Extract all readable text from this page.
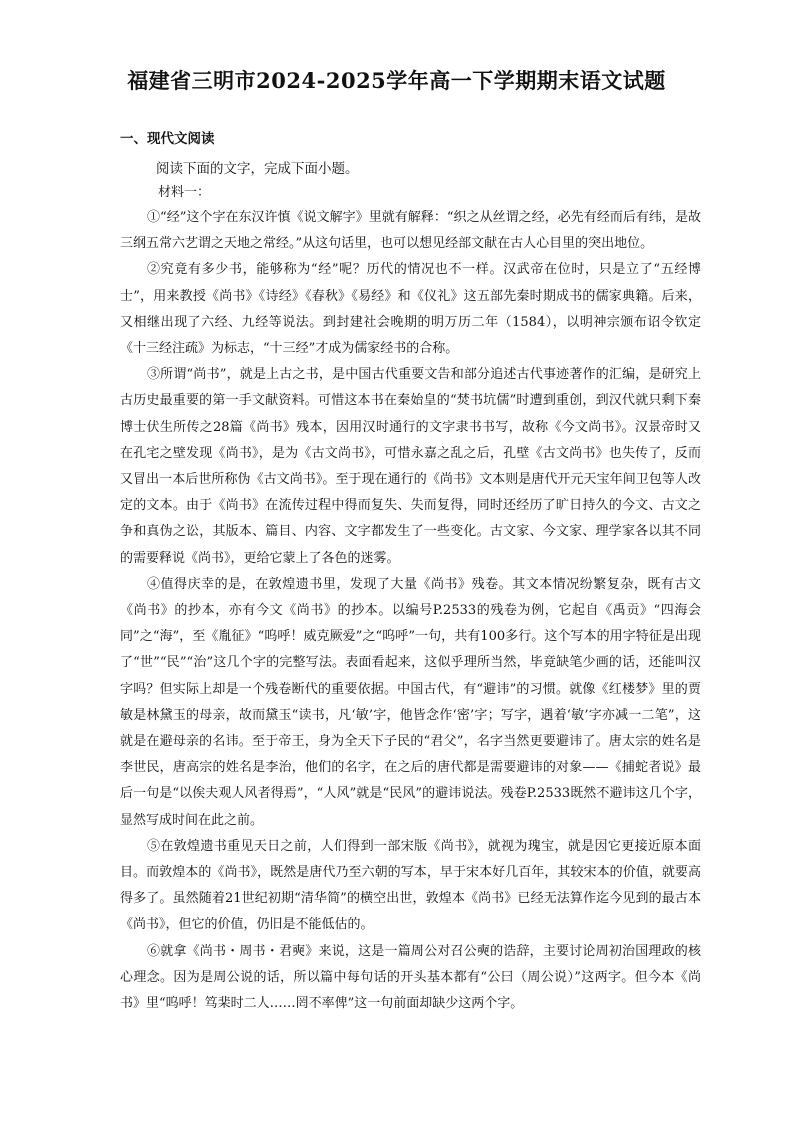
福建省三明市2024-2025学年高一下学期期末语文试题
一、现代文阅读
阅读下面的文字，完成下面小题。
材料一：

①“经”这个字在东汉许慎《说文解字》里就有解释：“织之从丝谓之经，必先有经而后有纬，是故三纲五常六艺谓之天地之常经。”从这句话里，也可以想见经部文献在古人心目里的突出地位。

②究竟有多少书，能够称为“经”呢？历代的情况也不一样。汉武帝在位时，只是立了“五经博士”，用来教授《尚书》《诗经》《春秋》《易经》和《仪礼》这五部先秦时期成书的儒家典籍。后来，又相继出现了六经、九经等说法。到封建社会晚期的明万历二年（1584），以明神宗颁布诏令钦定《十三经注疏》为标志，“十三经”才成为儒家经书的合称。

③所谓“尚书”，就是上古之书，是中国古代重要文告和部分追述古代事迹著作的汇编，是研究上古历史最重要的第一手文献资料。可惜这本书在秦始皇的“焚书坑儒”时遭到重创，到汉代就只剩下秦博士伏生所传之28篇《尚书》残本，因用汉时通行的文字隶书书写，故称《今文尚书》。汉景帝时又在孔宅之壁发现《尚书》，是为《古文尚书》，可惜永嘉之乱之后，孔壁《古文尚书》也失传了，反而又冒出一本后世所称伪《古文尚书》。至于现在通行的《尚书》文本则是唐代开元天宝年间卫包等人改定的文本。由于《尚书》在流传过程中得而复失、失而复得，同时还经历了旷日持久的今文、古文之争和真伪之讼，其版本、篇目、内容、文字都发生了一些变化。古文家、今文家、理学家各以其不同的需要释说《尚书》，更给它蒙上了各色的迷雾。

④值得庆幸的是，在敦煌遗书里，发现了大量《尚书》残卷。其文本情况纷繁复杂，既有古文《尚书》的抄本，亦有今文《尚书》的抄本。以编号P.2533的残卷为例，它起自《禹贡》“四海会同”之“海”，至《胤征》“呜呼！威克厥爱”之“呜呼”一句，共有100多行。这个写本的用字特征是出现了“世”“民”“治”这几个字的完整写法。表面看起来，这似乎理所当然，毕竟缺笔少画的话，还能叫汉字吗？但实际上却是一个残卷断代的重要依据。中国古代，有“避讳”的习惯。就像《红楼梦》里的贾敏是林黛玉的母亲，故而黛玉“读书，凡‘敏’字，他皆念作‘密’字；写字，遇着‘敏’字亦减一二笔”，这就是在避母亲的名讳。至于帝王，身为全天下子民的“君父”，名字当然更要避讳了。唐太宗的姓名是李世民，唐高宗的姓名是李治，他们的名字，在之后的唐代都是需要避讳的对象——《捕蛇者说》最后一句是“以俟夫观人风者得焉”，“人风”就是“民风”的避讳说法。残卷P.2533既然不避讳这几个字，显然写成时间在此之前。

⑤在敦煌遗书重见天日之前，人们得到一部宋版《尚书》，就视为瑰宝，就是因它更接近原本面目。而敦煌本的《尚书》，既然是唐代乃至六朝的写本，早于宋本好几百年，其较宋本的价值，就要高得多了。虽然随着21世纪初期“清华简”的横空出世，敦煌本《尚书》已经无法算作迄今见到的最古本《尚书》，但它的价值，仍旧是不能低估的。

⑥就拿《尚书・周书・君奭》来说，这是一篇周公对召公奭的诰辞，主要讨论周初治国理政的核心理念。因为是周公说的话，所以篇中每句话的开头基本都有“公曰（周公说）”这两字。但今本《尚书》里“呜呼！笃棐时二人……罔不率俾”这一句前面却缺少这两个字。
